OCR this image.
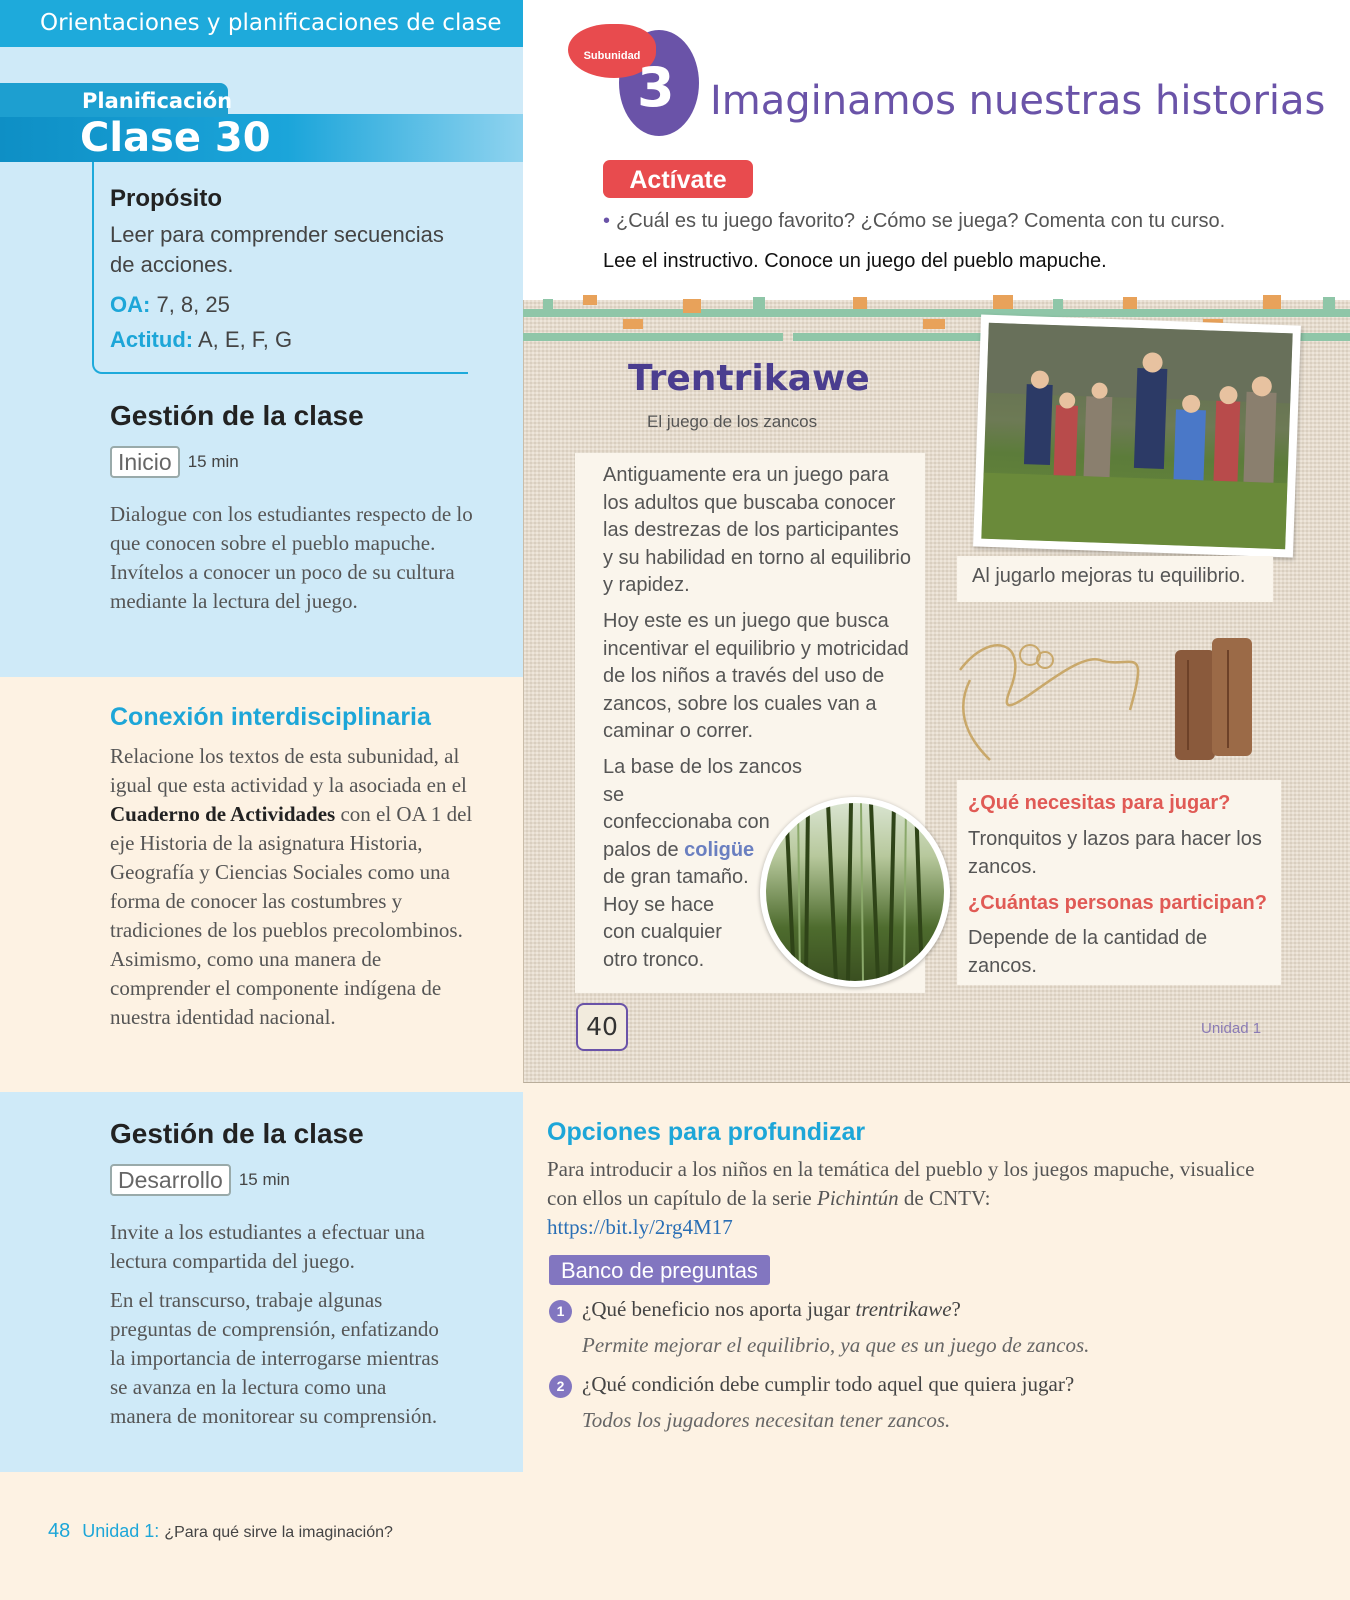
Orientaciones y planificaciones de clase
Planificación
Clase 30
Propósito
Leer para comprender secuencias de acciones.
OA: 7, 8, 25
Actitud: A, E, F, G
Gestión de la clase
Inicio 15 min
Dialogue con los estudiantes respecto de lo que conocen sobre el pueblo mapuche. Invítelos a conocer un poco de su cultura mediante la lectura del juego.
Conexión interdisciplinaria
Relacione los textos de esta subunidad, al igual que esta actividad y la asociada en el Cuaderno de Actividades con el OA 1 del eje Historia de la asignatura Historia, Geografía y Ciencias Sociales como una forma de conocer las costumbres y tradiciones de los pueblos precolombinos. Asimismo, como una manera de comprender el componente indígena de nuestra identidad nacional.
Gestión de la clase
Desarrollo 15 min
Invite a los estudiantes a efectuar una lectura compartida del juego.
En el transcurso, trabaje algunas preguntas de comprensión, enfatizando la importancia de interrogarse mientras se avanza en la lectura como una manera de monitorear su comprensión.
48 Unidad 1: ¿Para qué sirve la imaginación?
Subunidad
3 Imaginamos nuestras historias
Actívate
• ¿Cuál es tu juego favorito? ¿Cómo se juega? Comenta con tu curso.
Lee el instructivo. Conoce un juego del pueblo mapuche.
Trentrikawe
El juego de los zancos
Antiguamente era un juego para los adultos que buscaba conocer las destrezas de los participantes y su habilidad en torno al equilibrio y rapidez.
Hoy este es un juego que busca incentivar el equilibrio y motricidad de los niños a través del uso de zancos, sobre los cuales van a caminar o correr.
La base de los zancos se
confeccionaba con
palos de coligüe
de gran tamaño.
Hoy se hace
con cualquier
otro tronco.
Al jugarlo mejoras tu equilibrio.
¿Qué necesitas para jugar?
Tronquitos y lazos para hacer los zancos.
¿Cuántas personas participan?
Depende de la cantidad de zancos.
40	Unidad 1
Opciones para profundizar
Para introducir a los niños en la temática del pueblo y los juegos mapuche, visualice con ellos un capítulo de la serie Pichintún de CNTV:
https://bit.ly/2rg4M17
Banco de preguntas
1 ¿Qué beneficio nos aporta jugar trentrikawe?
Permite mejorar el equilibrio, ya que es un juego de zancos.
2 ¿Qué condición debe cumplir todo aquel que quiera jugar?
Todos los jugadores necesitan tener zancos.
